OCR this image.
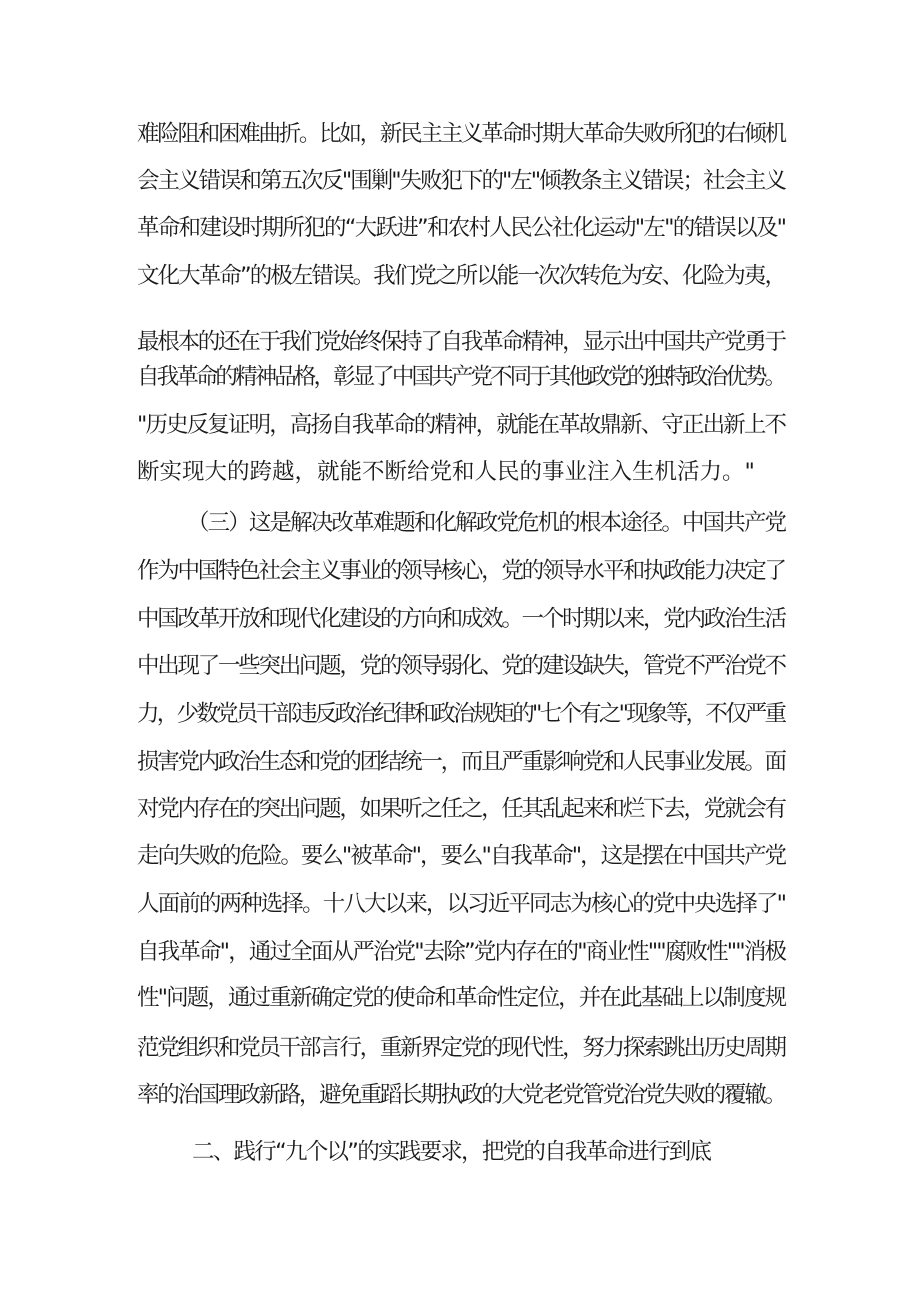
难险阻和困难曲折。比如，新民主主义革命时期大革命失败所犯的右倾机
会主义错误和第五次反"围剿"失败犯下的"左"倾教条主义错误；社会主义
革命和建设时期所犯的“大跃进”和农村人民公社化运动"左"的错误以及"
文化大革命”的极左错误。我们党之所以能一次次转危为安、化险为夷，
最根本的还在于我们党始终保持了自我革命精神，显示出中国共产党勇于
自我革命的精神品格，彰显了中国共产党不同于其他政党的独特政治优势。
"历史反复证明，高扬自我革命的精神，就能在革故鼎新、守正出新上不
断实现大的跨越，就能不断给党和人民的事业注入生机活力。"
（三）这是解决改革难题和化解政党危机的根本途径。中国共产党
作为中国特色社会主义事业的领导核心，党的领导水平和执政能力决定了
中国改革开放和现代化建设的方向和成效。一个时期以来，党内政治生活
中出现了一些突出问题，党的领导弱化、党的建设缺失，管党不严治党不
力，少数党员干部违反政治纪律和政治规矩的"七个有之"现象等，不仅严重
损害党内政治生态和党的团结统一，而且严重影响党和人民事业发展。面
对党内存在的突出问题，如果听之任之，任其乱起来和烂下去，党就会有
走向失败的危险。要么"被革命"，要么"自我革命"，这是摆在中国共产党
人面前的两种选择。十八大以来，以习近平同志为核心的党中央选择了"
自我革命"，通过全面从严治党"去除”党内存在的"商业性""腐败性""消极
性"问题，通过重新确定党的使命和革命性定位，并在此基础上以制度规
范党组织和党员干部言行，重新界定党的现代性，努力探索跳出历史周期
率的治国理政新路，避免重蹈长期执政的大党老党管党治党失败的覆辙。
二、践行“九个以”的实践要求，把党的自我革命进行到底
